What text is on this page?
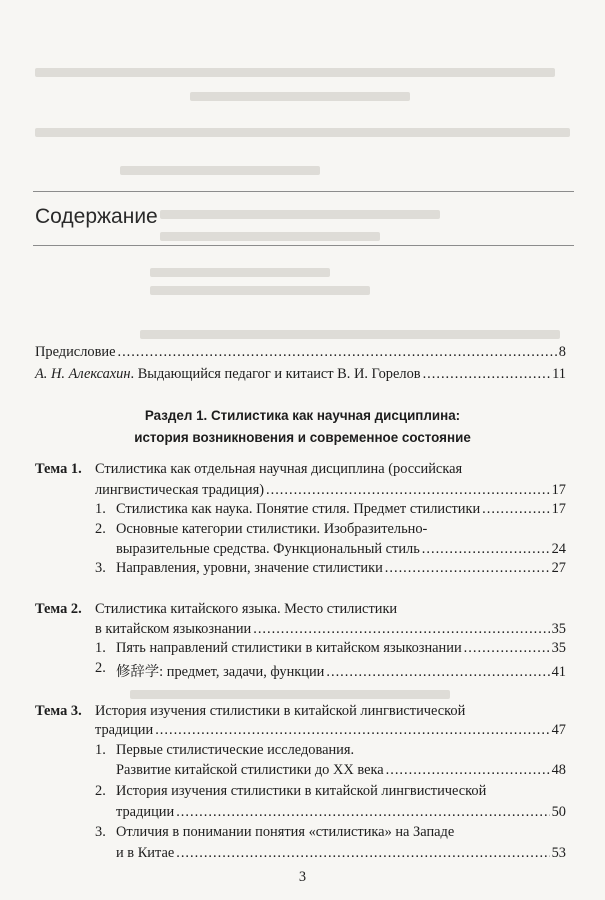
Содержание
Предисловие .....	8
А. Н. Алексахин . Выдающийся педагог и китаист В. И. Горелов .....	11
Раздел 1. Стилистика как научная дисциплина:
история возникновения и современное состояние
Тема 1. Стилистика как отдельная научная дисциплина (российская
лингвистическая традиция) .....	17
1. Стилистика как наука. Понятие стиля. Предмет стилистики .....	17
2. Основные категории стилистики. Изобразительно-
выразительные средства. Функциональный стиль .....	24
3. Направления, уровни, значение стилистики .....	27
Тема 2. Стилистика китайского языка. Место стилистики
в китайском языкознании .....	35
1. Пять направлений стилистики в китайском языкознании .....	35
2. 修辞学: предмет, задачи, функции .....	41
Тема 3. История изучения стилистики в китайской лингвистической
традиции .....	47
1. Первые стилистические исследования.
Развитие китайской стилистики до XX века .....	48
2. История изучения стилистики в китайской лингвистической
традиции .....	50
3. Отличия в понимании понятия «стилистика» на Западе
и в Китае .....	53
3
